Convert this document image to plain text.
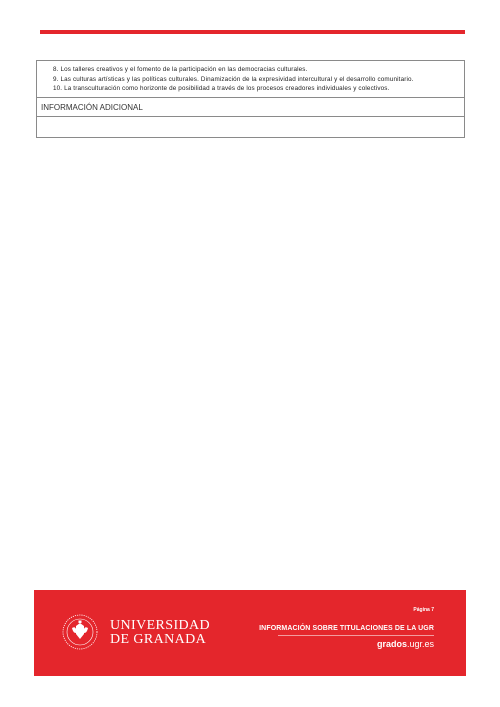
8. Los talleres creativos y el fomento de la participación en las democracias culturales.
9. Las culturas artísticas y las políticas culturales. Dinamización de la expresividad intercultural y el desarrollo comunitario.
10. La transculturación como horizonte de posibilidad a través de los procesos creadores individuales y colectivos.
INFORMACIÓN ADICIONAL
UNIVERSIDAD
DE GRANADA
Página 7
INFORMACIÓN SOBRE TITULACIONES DE LA UGR
grados.ugr.es
